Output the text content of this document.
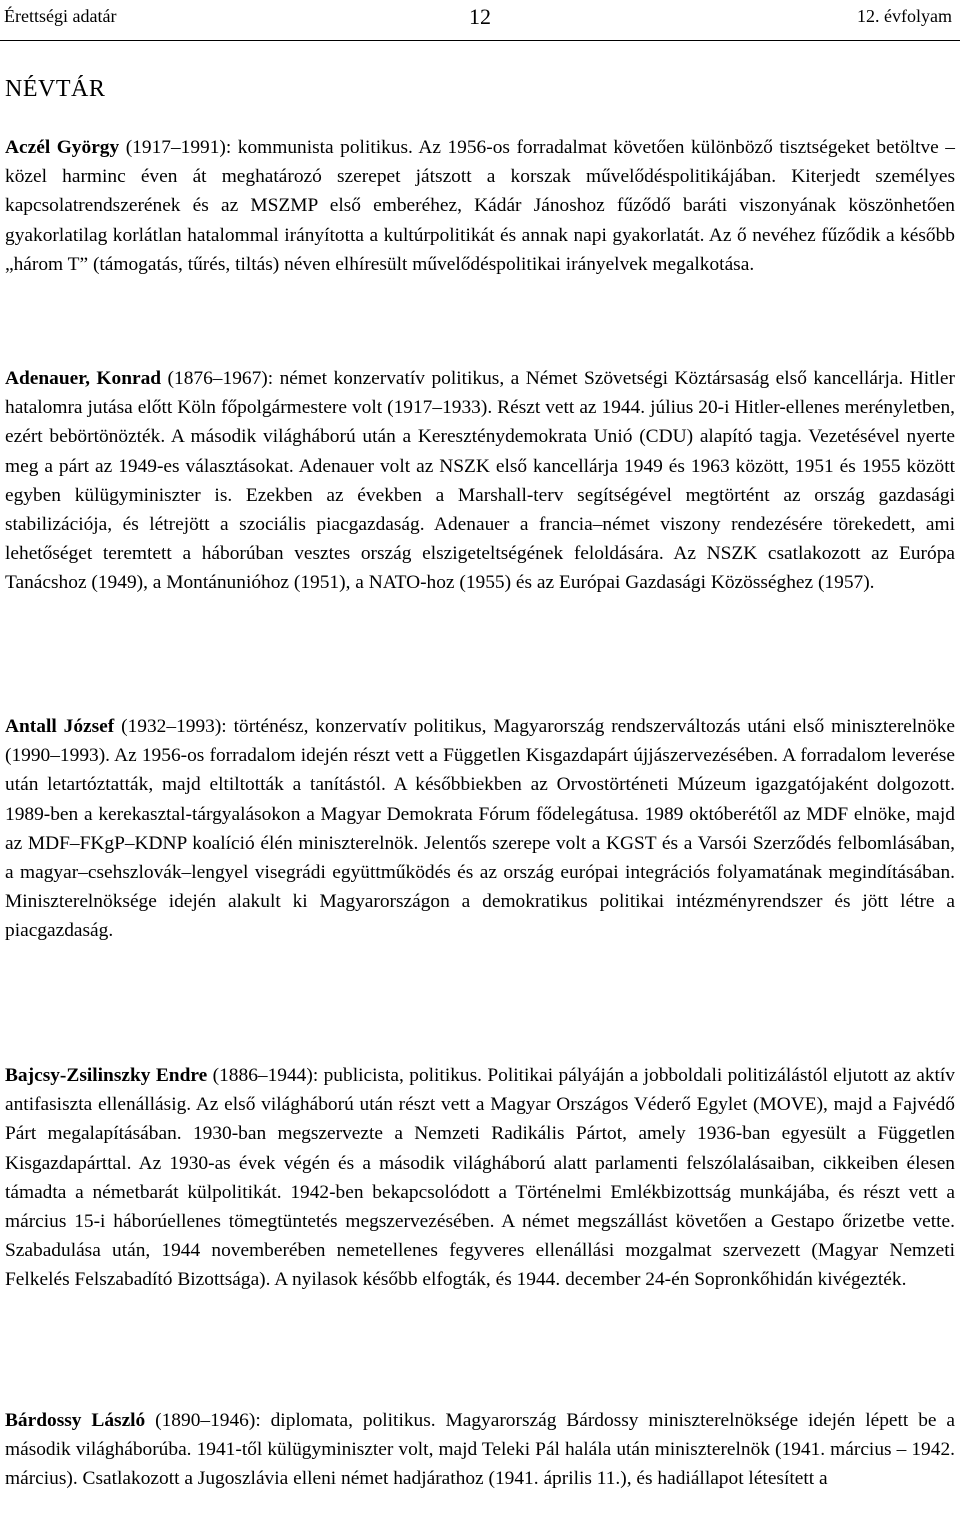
Érettségi adatár	12	12. évfolyam
NÉVTÁR
Aczél György (1917–1991): kommunista politikus. Az 1956-os forradalmat követően különböző tisztségeket betöltve – közel harminc éven át meghatározó szerepet játszott a korszak művelődéspolitikájában. Kiterjedt személyes kapcsolatrendszerének és az MSZMP első emberéhez, Kádár Jánoshoz fűződő baráti viszonyának köszönhetően gyakorlatilag korlátlan hatalommal irányította a kultúrpolitikát és annak napi gyakorlatát. Az ő nevéhez fűződik a később „három T” (támogatás, tűrés, tiltás) néven elhíresült művelődéspolitikai irányelvek megalkotása.
Adenauer, Konrad (1876–1967): német konzervatív politikus, a Német Szövetségi Köztársaság első kancellárja. Hitler hatalomra jutása előtt Köln főpolgármestere volt (1917–1933). Részt vett az 1944. július 20-i Hitler-ellenes merényletben, ezért bebörtönözték. A második világháború után a Kereszténydemokrata Unió (CDU) alapító tagja. Vezetésével nyerte meg a párt az 1949-es választásokat. Adenauer volt az NSZK első kancellárja 1949 és 1963 között, 1951 és 1955 között egyben külügyminiszter is. Ezekben az években a Marshall-terv segítségével megtörtént az ország gazdasági stabilizációja, és létrejött a szociális piacgazdaság. Adenauer a francia–német viszony rendezésére törekedett, ami lehetőséget teremtett a háborúban vesztes ország elszigeteltségének feloldására. Az NSZK csatlakozott az Európa Tanácshoz (1949), a Montánunióhoz (1951), a NATO-hoz (1955) és az Európai Gazdasági Közösséghez (1957).
Antall József (1932–1993): történész, konzervatív politikus, Magyarország rendszerváltozás utáni első miniszterelnöke (1990–1993). Az 1956-os forradalom idején részt vett a Független Kisgazdapárt újjászervezésében. A forradalom leverése után letartóztatták, majd eltiltották a tanítástól. A későbbiekben az Orvostörténeti Múzeum igazgatójaként dolgozott. 1989-ben a kerekasztal-tárgyalásokon a Magyar Demokrata Fórum fődelegátusa. 1989 októberétől az MDF elnöke, majd az MDF–FKgP–KDNP koalíció élén miniszterelnök. Jelentős szerepe volt a KGST és a Varsói Szerződés felbomlásában, a magyar–csehszlovák–lengyel visegrádi együttműködés és az ország európai integrációs folyamatának megindításában. Miniszterelnöksége idején alakult ki Magyarországon a demokratikus politikai intézményrendszer és jött létre a piacgazdaság.
Bajcsy-Zsilinszky Endre (1886–1944): publicista, politikus. Politikai pályáján a jobboldali politizálástól eljutott az aktív antifasiszta ellenállásig. Az első világháború után részt vett a Magyar Országos Véderő Egylet (MOVE), majd a Fajvédő Párt megalapításában. 1930-ban megszervezte a Nemzeti Radikális Pártot, amely 1936-ban egyesült a Független Kisgazdapárttal. Az 1930-as évek végén és a második világháború alatt parlamenti felszólalásaiban, cikkeiben élesen támadta a németbarát külpolitikát. 1942-ben bekapcsolódott a Történelmi Emlékbizottság munkájába, és részt vett a március 15-i háborúellenes tömegtüntetés megszervezésében. A német megszállást követően a Gestapo őrizetbe vette. Szabadulása után, 1944 novemberében nemetellenes fegyveres ellenállási mozgalmat szervezett (Magyar Nemzeti Felkelés Felszabadító Bizottsága). A nyilasok később elfogták, és 1944. december 24-én Sopronkőhidán kivégezték.
Bárdossy László (1890–1946): diplomata, politikus. Magyarország Bárdossy miniszterelnöksége idején lépett be a második világháborúba. 1941-től külügyminiszter volt, majd Teleki Pál halála után miniszterelnök (1941. március – 1942. március). Csatlakozott a Jugoszlávia elleni német hadjárathoz (1941. április 11.), és hadiállapot létesített a
